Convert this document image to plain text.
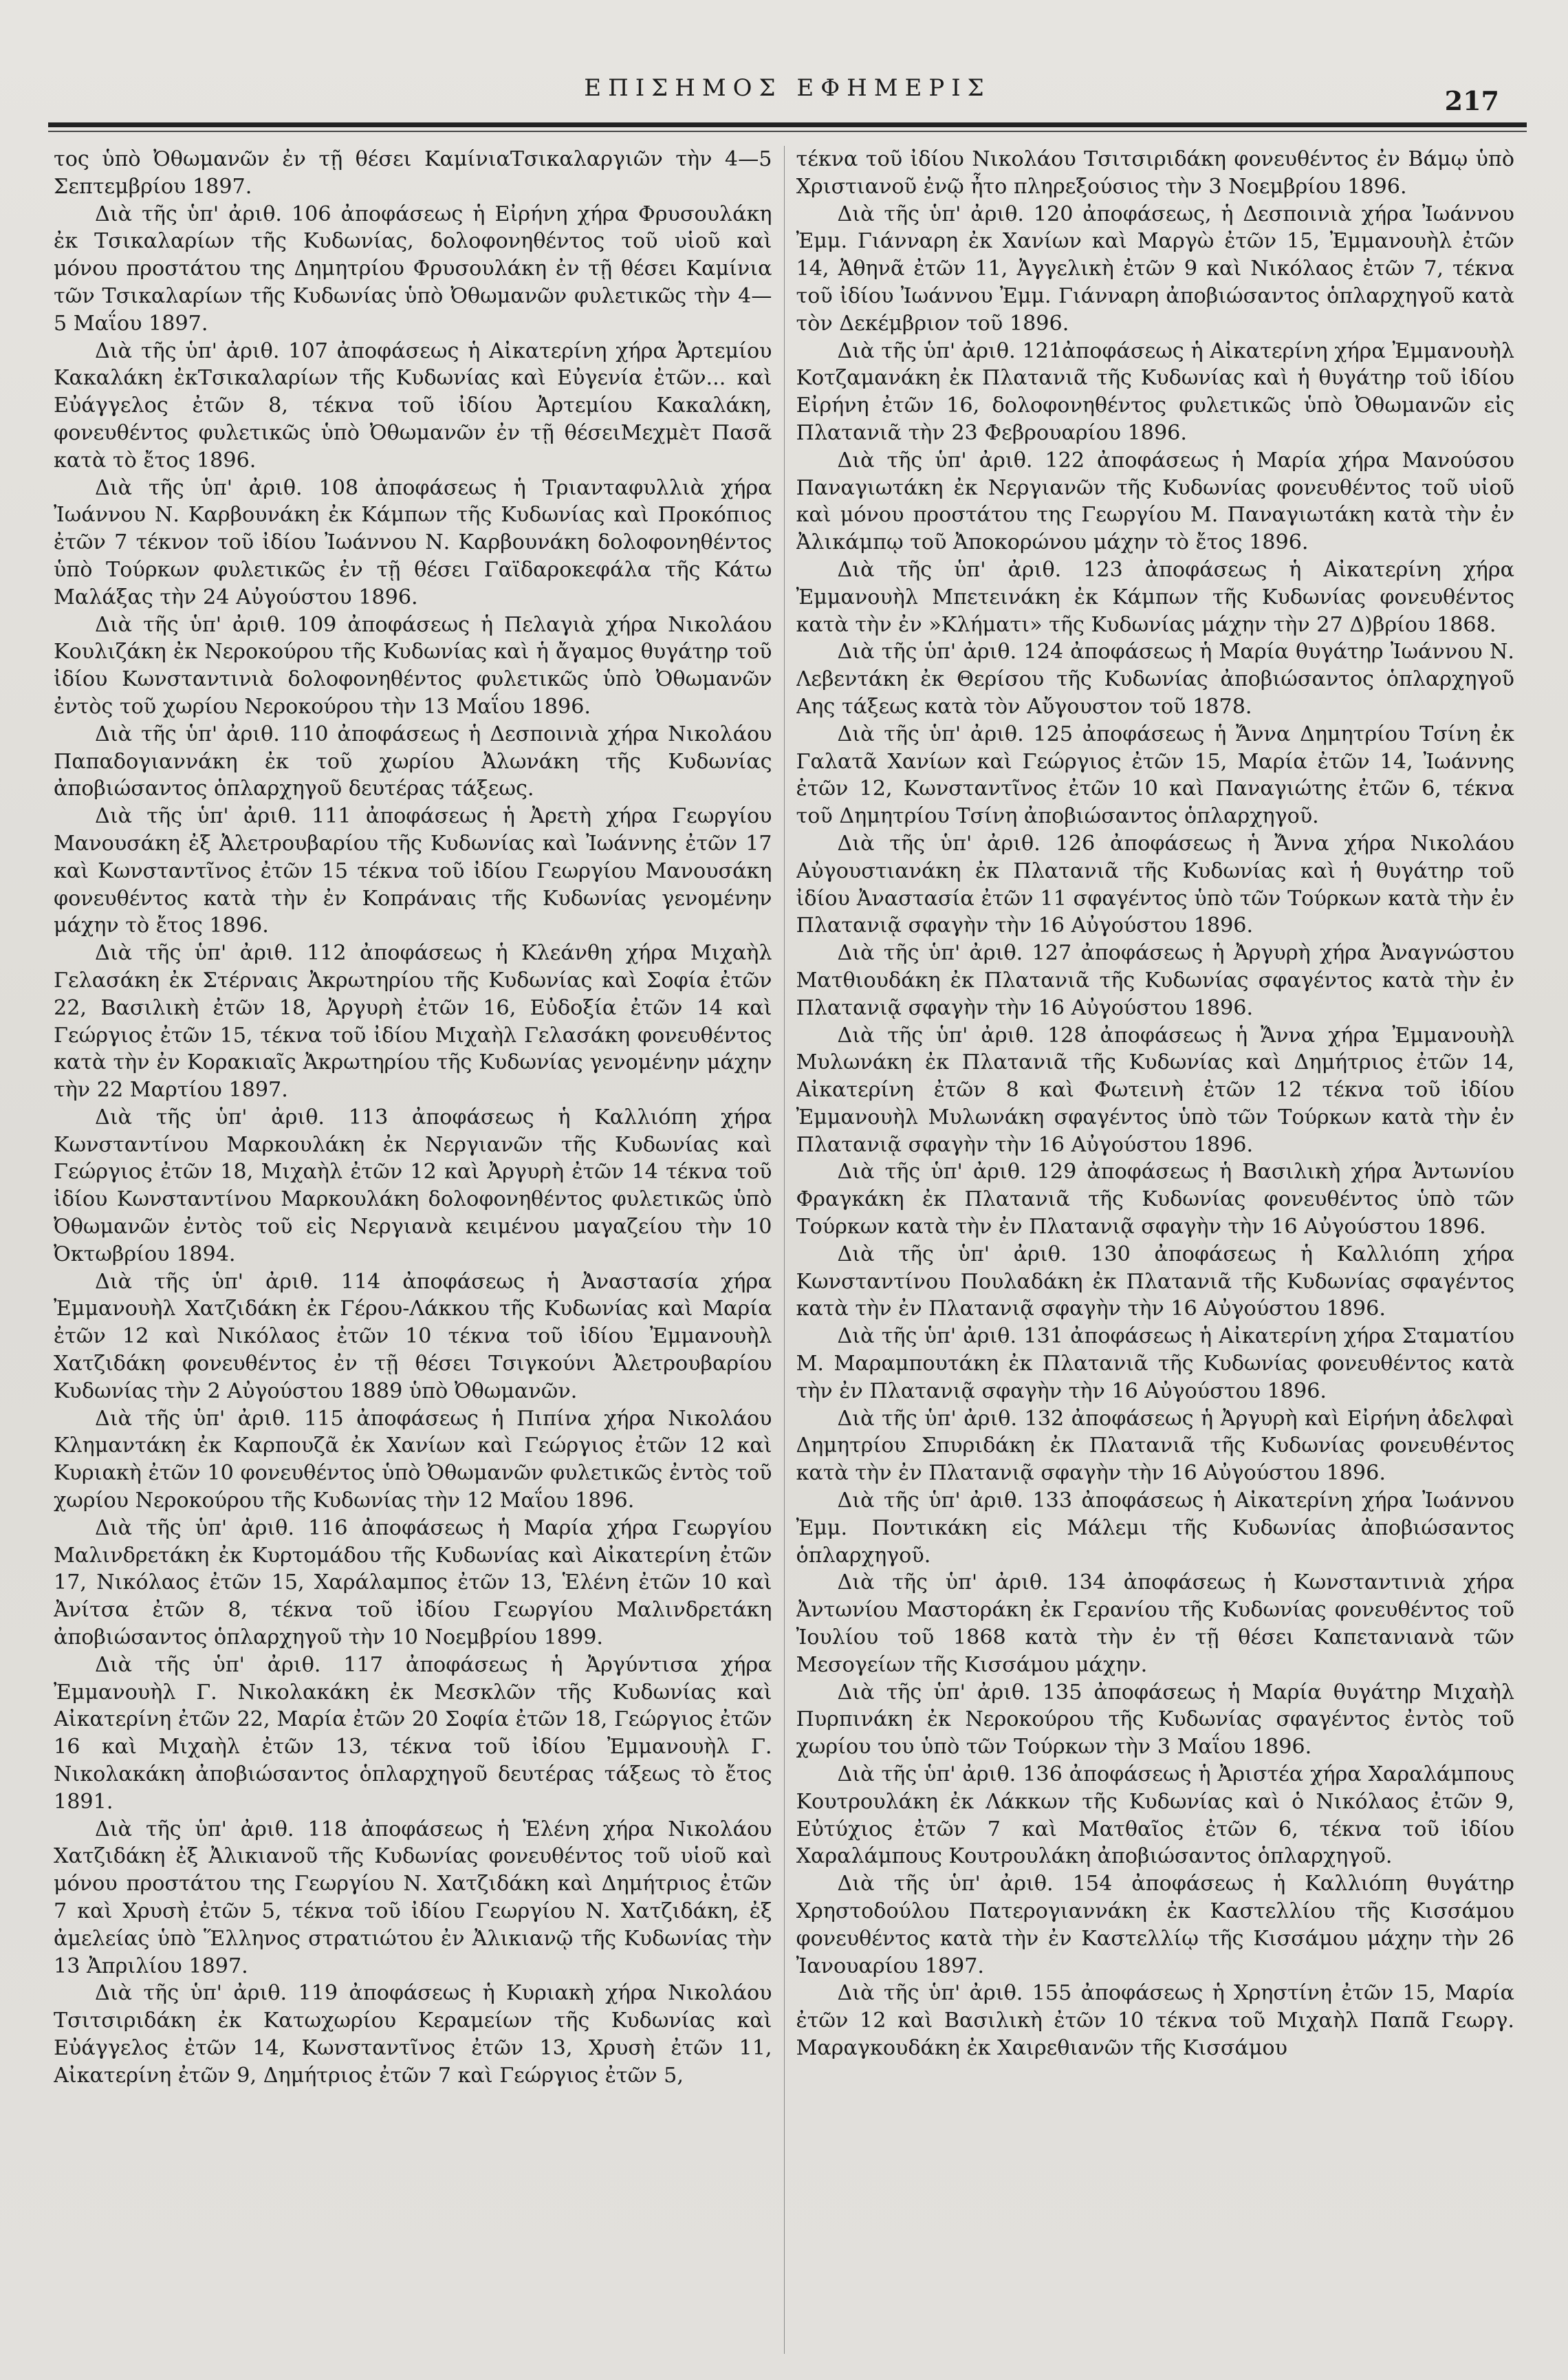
ΕΠΙΣΗΜΟΣ ΕΦΗΜΕΡΙΣ	217

τος ὑπὸ Ὀθωμανῶν ἐν τῇ θέσει ΚαμίνιαΤσικαλαργιῶν τὴν 4—5 Σεπτεμβρίου 1897.

Διὰ τῆς ὑπ' ἀριθ. 106 ἀποφάσεως ἡ Εἰρήνη χήρα Φρυσουλάκη ἐκ Τσικαλαρίων τῆς Κυδωνίας, δολοφονηθέντος τοῦ υἱοῦ καὶ μόνου προστάτου της Δημητρίου Φρυσουλάκη ἐν τῇ θέσει Καμίνια τῶν Τσικαλαρίων τῆς Κυδωνίας ὑπὸ Ὀθωμανῶν φυλετικῶς τὴν 4—5 Μαΐου 1897.

Διὰ τῆς ὑπ' ἀριθ. 107 ἀποφάσεως ἡ Αἰκατερίνη χήρα Ἀρτεμίου Κακαλάκη ἐκΤσικαλαρίων τῆς Κυδωνίας καὶ Εὐγενία ἐτῶν... καὶ Εὐάγγελος ἐτῶν 8, τέκνα τοῦ ἰδίου Ἀρτεμίου Κακαλάκη, φονευθέντος φυλετικῶς ὑπὸ Ὀθωμανῶν ἐν τῇ θέσειΜεχμὲτ Πασᾶ κατὰ τὸ ἔτος 1896.

Διὰ τῆς ὑπ' ἀριθ. 108 ἀποφάσεως ἡ Τριανταφυλλιὰ χήρα Ἰωάννου Ν. Καρβουνάκη ἐκ Κάμπων τῆς Κυδωνίας καὶ Προκόπιος ἐτῶν 7 τέκνον τοῦ ἰδίου Ἰωάννου Ν. Καρβουνάκη δολοφονηθέντος ὑπὸ Τούρκων φυλετικῶς ἐν τῇ θέσει Γαϊδαροκεφάλα τῆς Κάτω Μαλάξας τὴν 24 Αὐγούστου 1896.

Διὰ τῆς ὑπ' ἀριθ. 109 ἀποφάσεως ἡ Πελαγιὰ χήρα Νικολάου Κουλιζάκη ἐκ Νεροκούρου τῆς Κυδωνίας καὶ ἡ ἄγαμος θυγάτηρ τοῦ ἰδίου Κωνσταντινιὰ δολοφονηθέντος φυλετικῶς ὑπὸ Ὀθωμανῶν ἐντὸς τοῦ χωρίου Νεροκούρου τὴν 13 Μαΐου 1896.

Διὰ τῆς ὑπ' ἀριθ. 110 ἀποφάσεως ἡ Δεσποινιὰ χήρα Νικολάου Παπαδογιαννάκη ἐκ τοῦ χωρίου Ἀλωνάκη τῆς Κυδωνίας ἀποβιώσαντος ὁπλαρχηγοῦ δευτέρας τάξεως.

Διὰ τῆς ὑπ' ἀριθ. 111 ἀποφάσεως ἡ Ἀρετὴ χήρα Γεωργίου Μανουσάκη ἐξ Ἀλετρουβαρίου τῆς Κυδωνίας καὶ Ἰωάννης ἐτῶν 17 καὶ Κωνσταντῖνος ἐτῶν 15 τέκνα τοῦ ἰδίου Γεωργίου Μανουσάκη φονευθέντος κατὰ τὴν ἐν Κοπράναις τῆς Κυδωνίας γενομένην μάχην τὸ ἔτος 1896.

Διὰ τῆς ὑπ' ἀριθ. 112 ἀποφάσεως ἡ Κλεάνθη χήρα Μιχαὴλ Γελασάκη ἐκ Στέρναις Ἀκρωτηρίου τῆς Κυδωνίας καὶ Σοφία ἐτῶν 22, Βασιλικὴ ἐτῶν 18, Ἀργυρὴ ἐτῶν 16, Εὐδοξία ἐτῶν 14 καὶ Γεώργιος ἐτῶν 15, τέκνα τοῦ ἰδίου Μιχαὴλ Γελασάκη φονευθέντος κατὰ τὴν ἐν Κορακιαῖς Ἀκρωτηρίου τῆς Κυδωνίας γενομένην μάχην τὴν 22 Μαρτίου 1897.

Διὰ τῆς ὑπ' ἀριθ. 113 ἀποφάσεως ἡ Καλλιόπη χήρα Κωνσταντίνου Μαρκουλάκη ἐκ Νεργιανῶν τῆς Κυδωνίας καὶ Γεώργιος ἐτῶν 18, Μιχαὴλ ἐτῶν 12 καὶ Ἀργυρὴ ἐτῶν 14 τέκνα τοῦ ἰδίου Κωνσταντίνου Μαρκουλάκη δολοφονηθέντος φυλετικῶς ὑπὸ Ὀθωμανῶν ἐντὸς τοῦ εἰς Νεργιανὰ κειμένου μαγαζείου τὴν 10 Ὀκτωβρίου 1894.

Διὰ τῆς ὑπ' ἀριθ. 114 ἀποφάσεως ἡ Ἀναστασία χήρα Ἐμμανουὴλ Χατζιδάκη ἐκ Γέρου-Λάκκου τῆς Κυδωνίας καὶ Μαρία ἐτῶν 12 καὶ Νικόλαος ἐτῶν 10 τέκνα τοῦ ἰδίου Ἐμμανουὴλ Χατζιδάκη φονευθέντος ἐν τῇ θέσει Τσιγκούνι Ἀλετρουβαρίου Κυδωνίας τὴν 2 Αὐγούστου 1889 ὑπὸ Ὀθωμανῶν.

Διὰ τῆς ὑπ' ἀριθ. 115 ἀποφάσεως ἡ Πιπίνα χήρα Νικολάου Κλημαντάκη ἐκ Καρπουζᾶ ἐκ Χανίων καὶ Γεώργιος ἐτῶν 12 καὶ Κυριακὴ ἐτῶν 10 φονευθέντος ὑπὸ Ὀθωμανῶν φυλετικῶς ἐντὸς τοῦ χωρίου Νεροκούρου τῆς Κυδωνίας τὴν 12 Μαΐου 1896.

Διὰ τῆς ὑπ' ἀριθ. 116 ἀποφάσεως ἡ Μαρία χήρα Γεωργίου Μαλινδρετάκη ἐκ Κυρτομάδου τῆς Κυδωνίας καὶ Αἰκατερίνη ἐτῶν 17, Νικόλαος ἐτῶν 15, Χαράλαμπος ἐτῶν 13, Ἑλένη ἐτῶν 10 καὶ Ἀνίτσα ἐτῶν 8, τέκνα τοῦ ἰδίου Γεωργίου Μαλινδρετάκη ἀποβιώσαντος ὁπλαρχηγοῦ τὴν 10 Νοεμβρίου 1899.

Διὰ τῆς ὑπ' ἀριθ. 117 ἀποφάσεως ἡ Ἀργύντισα χήρα Ἐμμανουὴλ Γ. Νικολακάκη ἐκ Μεσκλῶν τῆς Κυδωνίας καὶ Αἰκατερίνη ἐτῶν 22, Μαρία ἐτῶν 20 Σοφία ἐτῶν 18, Γεώργιος ἐτῶν 16 καὶ Μιχαὴλ ἐτῶν 13, τέκνα τοῦ ἰδίου Ἐμμανουὴλ Γ. Νικολακάκη ἀποβιώσαντος ὁπλαρχηγοῦ δευτέρας τάξεως τὸ ἔτος 1891.

Διὰ τῆς ὑπ' ἀριθ. 118 ἀποφάσεως ἡ Ἑλένη χήρα Νικολάου Χατζιδάκη ἐξ Ἀλικιανοῦ τῆς Κυδωνίας φονευθέντος τοῦ υἱοῦ καὶ μόνου προστάτου της Γεωργίου Ν. Χατζιδάκη καὶ Δημήτριος ἐτῶν 7 καὶ Χρυσὴ ἐτῶν 5, τέκνα τοῦ ἰδίου Γεωργίου Ν. Χατζιδάκη, ἐξ ἀμελείας ὑπὸ Ἕλληνος στρατιώτου ἐν Ἀλικιανῷ τῆς Κυδωνίας τὴν 13 Ἀπριλίου 1897.

Διὰ τῆς ὑπ' ἀριθ. 119 ἀποφάσεως ἡ Κυριακὴ χήρα Νικολάου Τσιτσιριδάκη ἐκ Κατωχωρίου Κεραμείων τῆς Κυδωνίας καὶ Εὐάγγελος ἐτῶν 14, Κωνσταντῖνος ἐτῶν 13, Χρυσὴ ἐτῶν 11, Αἰκατερίνη ἐτῶν 9, Δημήτριος ἐτῶν 7 καὶ Γεώργιος ἐτῶν 5,

τέκνα τοῦ ἰδίου Νικολάου Τσιτσιριδάκη φονευθέντος ἐν Βάμῳ ὑπὸ Χριστιανοῦ ἐνῷ ἦτο πληρεξούσιος τὴν 3 Νοεμβρίου 1896.

Διὰ τῆς ὑπ' ἀριθ. 120 ἀποφάσεως, ἡ Δεσποινιὰ χήρα Ἰωάννου Ἐμμ. Γιάνναρη ἐκ Χανίων καὶ Μαργὼ ἐτῶν 15, Ἐμμανουὴλ ἐτῶν 14, Ἀθηνᾶ ἐτῶν 11, Ἀγγελικὴ ἐτῶν 9 καὶ Νικόλαος ἐτῶν 7, τέκνα τοῦ ἰδίου Ἰωάννου Ἐμμ. Γιάνναρη ἀποβιώσαντος ὁπλαρχηγοῦ κατὰ τὸν Δεκέμβριον τοῦ 1896.

Διὰ τῆς ὑπ' ἀριθ. 121ἀποφάσεως ἡ Αἰκατερίνη χήρα Ἐμμανουὴλ Κοτζαμανάκη ἐκ Πλατανιᾶ τῆς Κυδωνίας καὶ ἡ θυγάτηρ τοῦ ἰδίου Εἰρήνη ἐτῶν 16, δολοφονηθέντος φυλετικῶς ὑπὸ Ὀθωμανῶν εἰς Πλατανιᾶ τὴν 23 Φεβρουαρίου 1896.

Διὰ τῆς ὑπ' ἀριθ. 122 ἀποφάσεως ἡ Μαρία χήρα Μανούσου Παναγιωτάκη ἐκ Νεργιανῶν τῆς Κυδωνίας φονευθέντος τοῦ υἱοῦ καὶ μόνου προστάτου της Γεωργίου Μ. Παναγιωτάκη κατὰ τὴν ἐν Ἀλικάμπῳ τοῦ Ἀποκορώνου μάχην τὸ ἔτος 1896.

Διὰ τῆς ὑπ' ἀριθ. 123 ἀποφάσεως ἡ Αἰκατερίνη χήρα Ἐμμανουὴλ Μπετεινάκη ἐκ Κάμπων τῆς Κυδωνίας φονευθέντος κατὰ τὴν ἐν »Κλήματι» τῆς Κυδωνίας μάχην τὴν 27 Δ)βρίου 1868.

Διὰ τῆς ὑπ' ἀριθ. 124 ἀποφάσεως ἡ Μαρία θυγάτηρ Ἰωάννου Ν. Λεβεντάκη ἐκ Θερίσου τῆς Κυδωνίας ἀποβιώσαντος ὁπλαρχηγοῦ Αης τάξεως κατὰ τὸν Αὔγουστον τοῦ 1878.

Διὰ τῆς ὑπ' ἀριθ. 125 ἀποφάσεως ἡ Ἄννα Δημητρίου Τσίνη ἐκ Γαλατᾶ Χανίων καὶ Γεώργιος ἐτῶν 15, Μαρία ἐτῶν 14, Ἰωάννης ἐτῶν 12, Κωνσταντῖνος ἐτῶν 10 καὶ Παναγιώτης ἐτῶν 6, τέκνα τοῦ Δημητρίου Τσίνη ἀποβιώσαντος ὁπλαρχηγοῦ.

Διὰ τῆς ὑπ' ἀριθ. 126 ἀποφάσεως ἡ Ἄννα χήρα Νικολάου Αὐγουστιανάκη ἐκ Πλατανιᾶ τῆς Κυδωνίας καὶ ἡ θυγάτηρ τοῦ ἰδίου Ἀναστασία ἐτῶν 11 σφαγέντος ὑπὸ τῶν Τούρκων κατὰ τὴν ἐν Πλατανιᾷ σφαγὴν τὴν 16 Αὐγούστου 1896.

Διὰ τῆς ὑπ' ἀριθ. 127 ἀποφάσεως ἡ Ἀργυρὴ χήρα Ἀναγνώστου Ματθιουδάκη ἐκ Πλατανιᾶ τῆς Κυδωνίας σφαγέντος κατὰ τὴν ἐν Πλατανιᾷ σφαγὴν τὴν 16 Αὐγούστου 1896.

Διὰ τῆς ὑπ' ἀριθ. 128 ἀποφάσεως ἡ Ἄννα χήρα Ἐμμανουὴλ Μυλωνάκη ἐκ Πλατανιᾶ τῆς Κυδωνίας καὶ Δημήτριος ἐτῶν 14, Αἰκατερίνη ἐτῶν 8 καὶ Φωτεινὴ ἐτῶν 12 τέκνα τοῦ ἰδίου Ἐμμανουὴλ Μυλωνάκη σφαγέντος ὑπὸ τῶν Τούρκων κατὰ τὴν ἐν Πλατανιᾷ σφαγὴν τὴν 16 Αὐγούστου 1896.

Διὰ τῆς ὑπ' ἀριθ. 129 ἀποφάσεως ἡ Βασιλικὴ χήρα Ἀντωνίου Φραγκάκη ἐκ Πλατανιᾶ τῆς Κυδωνίας φονευθέντος ὑπὸ τῶν Τούρκων κατὰ τὴν ἐν Πλατανιᾷ σφαγὴν τὴν 16 Αὐγούστου 1896.

Διὰ τῆς ὑπ' ἀριθ. 130 ἀποφάσεως ἡ Καλλιόπη χήρα Κωνσταντίνου Πουλαδάκη ἐκ Πλατανιᾶ τῆς Κυδωνίας σφαγέντος κατὰ τὴν ἐν Πλατανιᾷ σφαγὴν τὴν 16 Αὐγούστου 1896.

Διὰ τῆς ὑπ' ἀριθ. 131 ἀποφάσεως ἡ Αἰκατερίνη χήρα Σταματίου Μ. Μαραμπουτάκη ἐκ Πλατανιᾶ τῆς Κυδωνίας φονευθέντος κατὰ τὴν ἐν Πλατανιᾷ σφαγὴν τὴν 16 Αὐγούστου 1896.

Διὰ τῆς ὑπ' ἀριθ. 132 ἀποφάσεως ἡ Ἀργυρὴ καὶ Εἰρήνη ἀδελφαὶ Δημητρίου Σπυριδάκη ἐκ Πλατανιᾶ τῆς Κυδωνίας φονευθέντος κατὰ τὴν ἐν Πλατανιᾷ σφαγὴν τὴν 16 Αὐγούστου 1896.

Διὰ τῆς ὑπ' ἀριθ. 133 ἀποφάσεως ἡ Αἰκατερίνη χήρα Ἰωάννου Ἐμμ. Ποντικάκη εἰς Μάλεμι τῆς Κυδωνίας ἀποβιώσαντος ὁπλαρχηγοῦ.

Διὰ τῆς ὑπ' ἀριθ. 134 ἀποφάσεως ἡ Κωνσταντινιὰ χήρα Ἀντωνίου Μαστοράκη ἐκ Γερανίου τῆς Κυδωνίας φονευθέντος τοῦ Ἰουλίου τοῦ 1868 κατὰ τὴν ἐν τῇ θέσει Καπετανιανὰ τῶν Μεσογείων τῆς Κισσάμου μάχην.

Διὰ τῆς ὑπ' ἀριθ. 135 ἀποφάσεως ἡ Μαρία θυγάτηρ Μιχαὴλ Πυρπινάκη ἐκ Νεροκούρου τῆς Κυδωνίας σφαγέντος ἐντὸς τοῦ χωρίου του ὑπὸ τῶν Τούρκων τὴν 3 Μαΐου 1896.

Διὰ τῆς ὑπ' ἀριθ. 136 ἀποφάσεως ἡ Ἀριστέα χήρα Χαραλάμπους Κουτρουλάκη ἐκ Λάκκων τῆς Κυδωνίας καὶ ὁ Νικόλαος ἐτῶν 9, Εὐτύχιος ἐτῶν 7 καὶ Ματθαῖος ἐτῶν 6, τέκνα τοῦ ἰδίου Χαραλάμπους Κουτρουλάκη ἀποβιώσαντος ὁπλαρχηγοῦ.

Διὰ τῆς ὑπ' ἀριθ. 154 ἀποφάσεως ἡ Καλλιόπη θυγάτηρ Χρηστοδούλου Πατερογιαννάκη ἐκ Καστελλίου τῆς Κισσάμου φονευθέντος κατὰ τὴν ἐν Καστελλίῳ τῆς Κισσάμου μάχην τὴν 26 Ἰανουαρίου 1897.

Διὰ τῆς ὑπ' ἀριθ. 155 ἀποφάσεως ἡ Χρηστίνη ἐτῶν 15, Μαρία ἐτῶν 12 καὶ Βασιλικὴ ἐτῶν 10 τέκνα τοῦ Μιχαὴλ Παπᾶ Γεωργ. Μαραγκουδάκη ἐκ Χαιρεθιανῶν τῆς Κισσάμου
